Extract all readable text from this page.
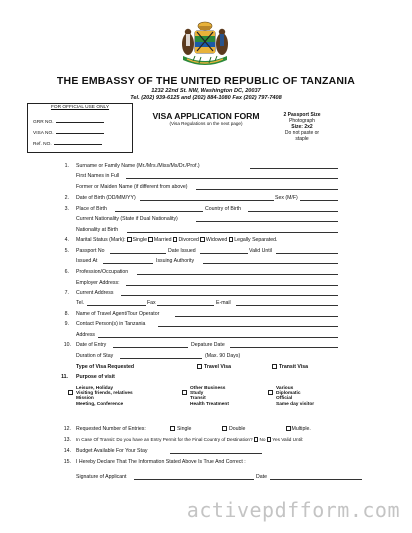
THE EMBASSY OF THE UNITED REPUBLIC OF TANZANIA
1232 22nd St. NW, Washington DC, 20037
Tel. (202) 939-6125 and (202) 884-1080 Fax (202) 797-7408
FOR OFFICIAL USE ONLY
GRR NO.
VISA NO.
Ref. NO.
VISA APPLICATION FORM
(Visa Regulations on the next page)
2 Passport Size
Photograph
Size: 2x2
Do not paste or
staple
1. Surname or Family Name (Mr./Mrs./Miss/Ms/Dr./Prof.)
First Names in Full
Former or Maiden Name (if different from above)
2. Date of Birth (DD/MM/YY)	Sex (M/F)
3. Place of Birth	Country of Birth
Current Nationality (State if Dual Nationality)
Nationality at Birth
4. Marital Status (Mark): Single Married Divorced Widowed Legally Separated.
5. Passport No	Date Issued	Valid Until
Issued At	Issuing Authority
6. Profession/Occupation
Employer Address:
7. Current Address
Tel.	Fax	E-mail
8. Name of Travel Agent/Tour Operator
9. Contact Person(s) in Tanzania
Address
10. Date of Entry	Depature Date
Duration of Stay	(Max. 90 Days)
Type of Visa Requested	Travel Visa	Transit Visa
11. Purpose of visit
Leisure, Holiday
Visiting friends, relatives
Mission
Meeting, Conference
Other Business
Study
Transit
Health Treatment
Various
Diplomatic
Official
Same day visitor
12. Requested Number of Entries:	Single	Double	Multiple.
13. In Case Of Transit: Do you have an Entry Permit for the Final Country of Destination? No Yes Valid Until:
14. Budget Available For Your Stay
15. I Hereby Declare That The Information Stated Above Is True And Correct :
Signature of Applicant	Date
activepdfform.com
